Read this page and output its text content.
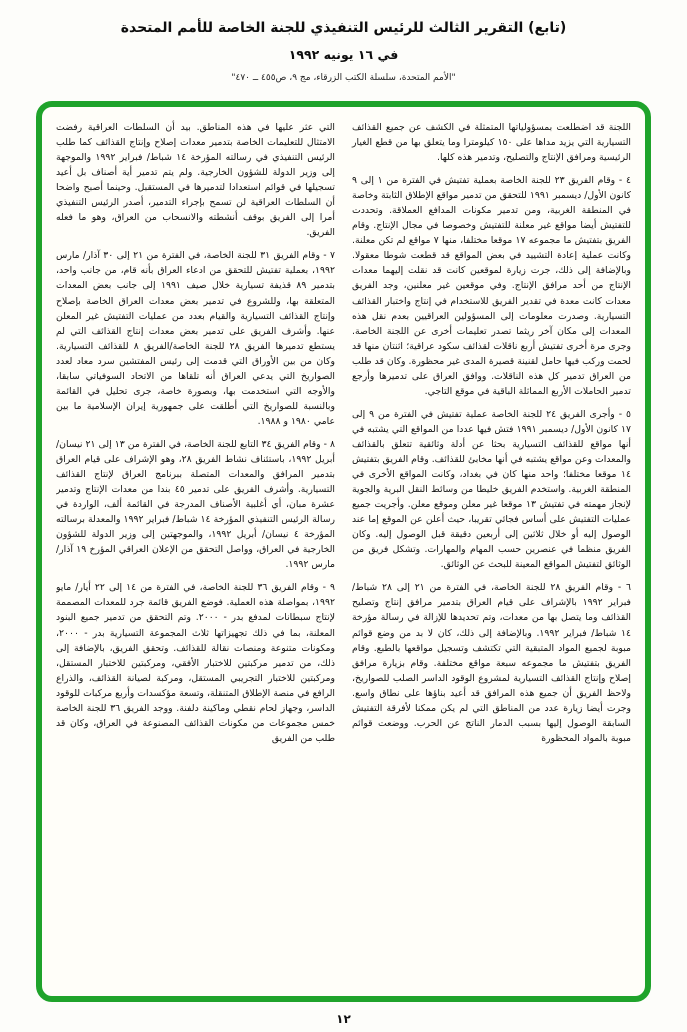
(تابع) التقرير الثالث للرئيس التنفيذي للجنة الخاصة للأمم المتحدة
في ١٦ يونيه ١٩٩٢
"الأمم المتحدة، سلسلة الكتب الزرقاء، مج ٩، ص٤٥٥ ــ ٤٧٠"

اللجنة قد اضطلعت بمسؤولياتها المتمثلة في الكشف عن جميع القذائف التسيارية التي يزيد مداها على ١٥٠ كيلومترا وما يتعلق بها من قطع الغيار الرئيسية ومرافق الإنتاج والتصليح، وتدمير هذه كلها.

٤ - وقام الفريق ٢٣ للجنة الخاصة بعملية تفتيش في الفترة من ١ إلى ٩ كانون الأول/ ديسمبر ١٩٩١ للتحقق من تدمير مواقع الإطلاق الثابتة وخاصة في المنطقة الغربية، ومن تدمير مكونات المدافع العملاقة. وتحددت للتفتيش أيضا مواقع غير معلنة للتفتيش وخصوصا في مجال الإنتاج. وقام الفريق بتفتيش ما مجموعه ١٧ موقعا مختلفا، منها ٧ مواقع لم تكن معلنة. وكانت عملية إعادة التشييد في بعض المواقع قد قطعت شوطا معقولا. وبالإضافة إلى ذلك، جرت زيارة لموقعين كانت قد نقلت إليهما معدات الإنتاج من أحد مرافق الإنتاج. وفي موقعين غير معلنين، وجد الفريق معدات كانت معدة في تقدير الفريق للاستخدام في إنتاج واختبار القذائف التسيارية. وصدرت معلومات إلى المسؤولين العراقيين بعدم نقل هذه المعدات إلى مكان آخر ريثما تصدر تعليمات أخرى عن اللجنة الخاصة. وجرى مرة أخرى تفتيش أربع ناقلات لقذائف سكود عراقية؛ اثنتان منها قد لحمت وركب فيها حامل لقنينة قصيرة المدى غير محظورة. وكان قد طلب من العراق تدمير كل هذه الناقلات. ووافق العراق على تدميرها وأرجع تدمير الحاملات الأربع المماثلة الباقية في موقع التاجي.

٥ - وأجرى الفريق ٢٤ للجنة الخاصة عملية تفتيش في الفترة من ٩ إلى ١٧ كانون الأول/ ديسمبر ١٩٩١ فتش فيها عددا من المواقع التي يشتبه في أنها مواقع للقذائف التسيارية بحثا عن أدلة وثائقية تتعلق بالقذائف والمعدات وعن مواقع يشتبه في أنها مخابئ للقذائف. وقام الفريق بتفتيش ١٤ موقعا مختلفا؛ واحد منها كان في بغداد، وكانت المواقع الأخرى في المنطقة الغربية. واستخدم الفريق خليطا من وسائط النقل البرية والجوية لإنجاز مهمته في تفتيش ١٣ موقعا غير معلن وموقع معلن. وأجريت جميع عمليات التفتيش على أساس فجائي تقريبا، حيث أعلن عن الموقع إما عند الوصول إليه أو خلال ثلاثين إلى أربعين دقيقة قبل الوصول إليه. وكان الفريق منظما في عنصرين حسب المهام والمهارات. وتشكل فريق من الوثائق لتفتيش المواقع المعينة للبحث عن الوثائق.

٦ - وقام الفريق ٢٨ للجنة الخاصة، في الفترة من ٢١ إلى ٢٨ شباط/ فبراير ١٩٩٢ بالإشراف على قيام العراق بتدمير مرافق إنتاج وتصليح القذائف وما يتصل بها من معدات، وتم تحديدها للإزالة في رسالة مؤرخة ١٤ شباط/ فبراير ١٩٩٢. وبالإضافة إلى ذلك، كان لا بد من وضع قوائم مبوبة لجميع المواد المتبقية التي تكتشف وتسجيل مواقعها بالطبع. وقام الفريق بتفتيش ما مجموعه سبعة مواقع مختلفة. وقام بزيارة مرافق إصلاح وإنتاج القذائف التسيارية لمشروع الوقود الداسر الصلب للصواريخ، ولاحظ الفريق أن جميع هذه المرافق قد أعيد بناؤها على نطاق واسع. وجرت أيضا زيارة عدد من المناطق التي لم يكن ممكنا لأفرقة التفتيش السابقة الوصول إليها بسبب الدمار الناتج عن الحرب. ووضعت قوائم مبوبة بالمواد المحظورة

التي عثر عليها في هذه المناطق. بيد أن السلطات العراقية رفضت الامتثال للتعليمات الخاصة بتدمير معدات إصلاح وإنتاج القذائف كما طلب الرئيس التنفيذي في رسالته المؤرخة ١٤ شباط/ فبراير ١٩٩٢ والموجهة إلى وزير الدولة للشؤون الخارجية. ولم يتم تدمير أية أصناف بل أعيد تسجيلها في قوائم استعدادا لتدميرها في المستقبل. وحينما أصبح واضحا أن السلطات العراقية لن تسمح بإجراء التدمير، أصدر الرئيس التنفيذي أمرا إلى الفريق بوقف أنشطته والانسحاب من العراق، وهو ما فعله الفريق.

٧ - وقام الفريق ٣١ للجنة الخاصة، في الفترة من ٢١ إلى ٣٠ آذار/ مارس ١٩٩٢، بعملية تفتيش للتحقق من ادعاء العراق بأنه قام، من جانب واحد، بتدمير ٨٩ قذيفة تسيارية خلال صيف ١٩٩١ إلى جانب بعض المعدات المتعلقة بها، وللشروع في تدمير بعض معدات العراق الخاصة بإصلاح وإنتاج القذائف التسيارية والقيام بعدد من عمليات التفتيش غير المعلن عنها. وأشرف الفريق على تدمير بعض معدات إنتاج القذائف التي لم يستطع تدميرها الفريق ٢٨ للجنة الخاصة/الفريق ٨ للقذائف التسيارية. وكان من بين الأوراق التي قدمت إلى رئيس المفتشين سرد معاد لعدد الصواريخ التي يدعي العراق أنه تلقاها من الاتحاد السوفياتي سابقا، والأوجه التي استخدمت بها، وبصورة خاصة، جرى تحليل في القائمة وبالنسبة للصواريخ التي أطلقت على جمهورية إيران الإسلامية ما بين عامي ١٩٨٠ و ١٩٨٨.

٨ - وقام الفريق ٣٤ التابع للجنة الخاصة، في الفترة من ١٣ إلى ٢١ نيسان/ أبريل ١٩٩٢، باستئناف نشاط الفريق ٢٨، وهو الإشراف على قيام العراق بتدمير المرافق والمعدات المتصلة ببرنامج العراق لإنتاج القذائف التسيارية. وأشرف الفريق على تدمير ٤٥ بندا من معدات الإنتاج وتدمير عشرة مبان، أي أغلبية الأصناف المدرجة في القائمة ألف، الواردة في رسالة الرئيس التنفيذي المؤرخة ١٤ شباط/ فبراير ١٩٩٢ والمعدلة برسالته المؤرخة ٤ نيسان/ أبريل ١٩٩٢، والموجهتين إلى وزير الدولة للشؤون الخارجية في العراق، وواصل التحقق من الإعلان العراقي المؤرخ ١٩ آذار/ مارس ١٩٩٢.

٩ - وقام الفريق ٣٦ للجنة الخاصة، في الفترة من ١٤ إلى ٢٢ أيار/ مايو ١٩٩٢، بمواصلة هذه العملية. فوضع الفريق قائمة جرد للمعدات المصممة لإنتاج سبطانات لمدفع بدر - ٢٠٠٠. وتم التحقق من تدمير جميع البنود المعلنة، بما في ذلك تجهيزاتها ثلاث المجموعة التسيارية بدر - ٢٠٠٠، ومكونات متنوعة ومنصات نقالة للقذائف. وتحقق الفريق، بالإضافة إلى ذلك، من تدمير مركبتين للاختبار الأفقي، ومركبتين للاختبار المستقل، ومركبتين للاختبار التجريبي المستقل، ومركبة لصيانة القذائف، والذراع الرافع في منصة الإطلاق المتنقلة، وتسعة مؤكسدات وأربع مركبات للوقود الداسر، وجهاز لحام نقطي وماكينة دلفنة. ووجد الفريق ٣٦ للجنة الخاصة خمس مجموعات من مكونات القذائف المصنوعة في العراق، وكان قد طلب من الفريق

١٢
